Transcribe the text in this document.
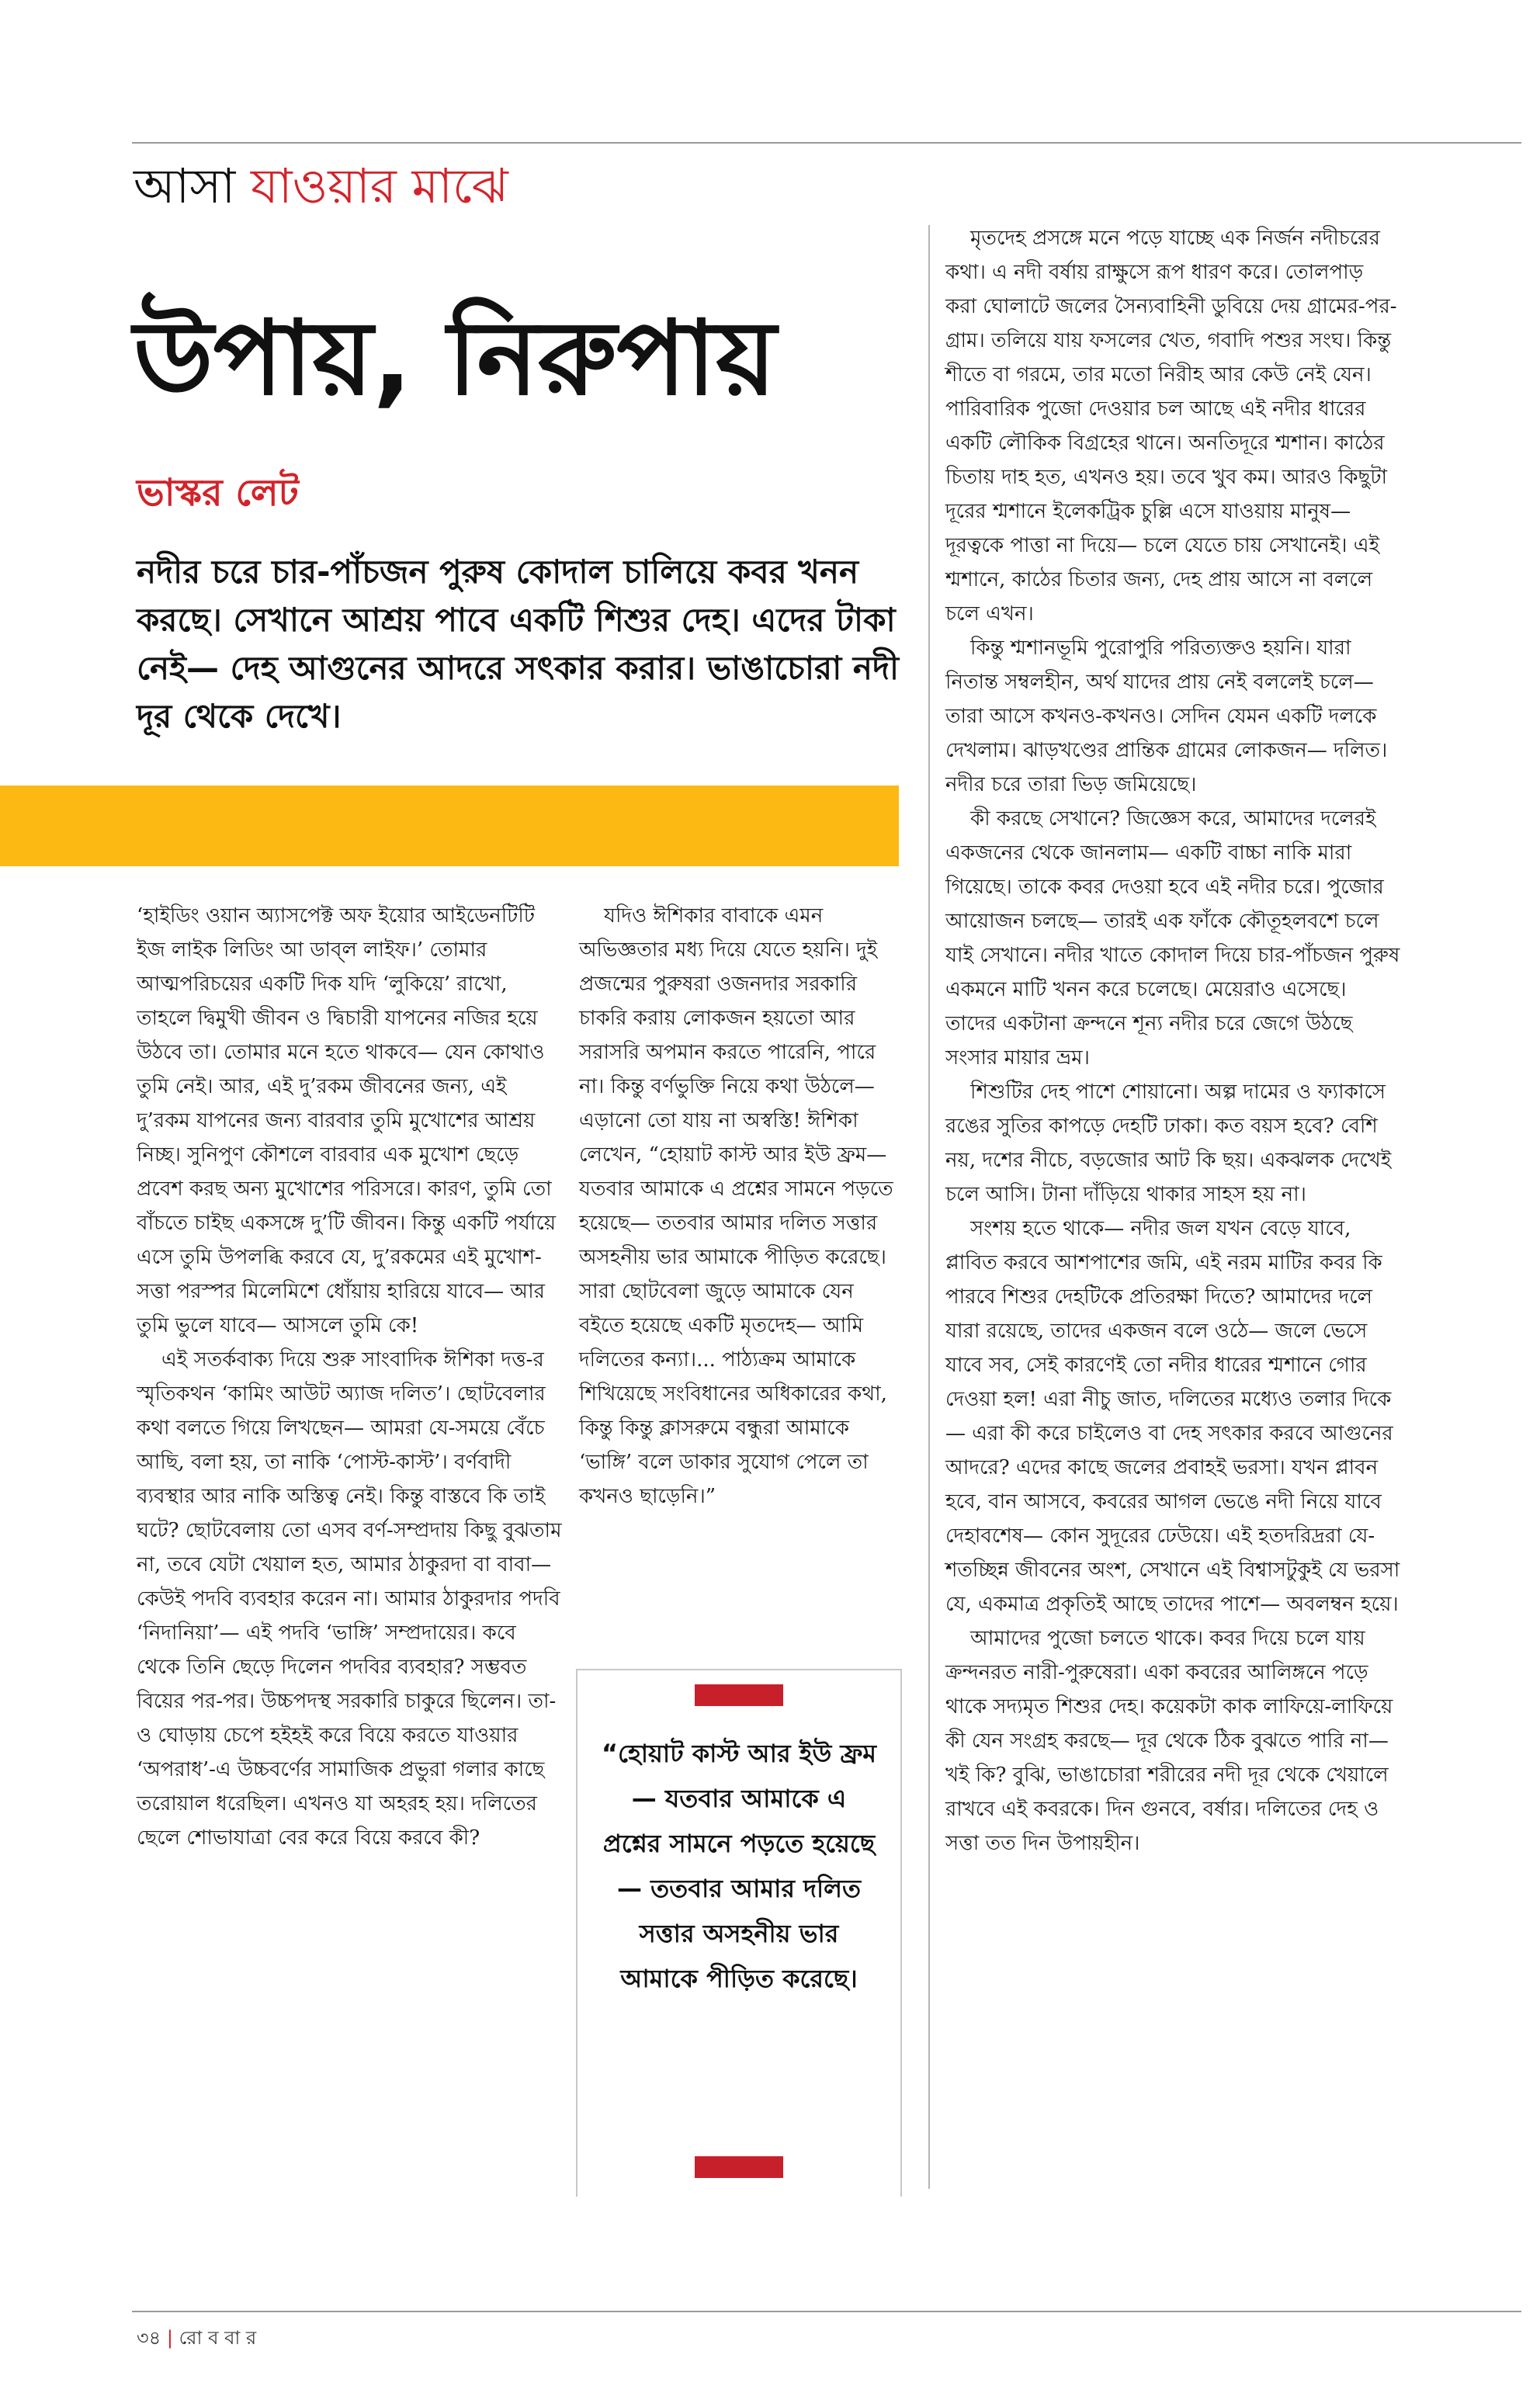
আসা যাওয়ার মাঝে
উপায়, নিরুপায়
ভাস্কর লেট
নদীর চরে চার-পাঁচজন পুরুষ কোদাল চালিয়ে কবর খনন করছে। সেখানে আশ্রয় পাবে একটি শিশুর দেহ। এদের টাকা নেই— দেহ আগুনের আদরে সৎকার করার। ভাঙাচোরা নদী দূর থেকে দেখে।

‘হাইডিং ওয়ান অ্যাসপেক্ট অফ ইয়োর আইডেনটিটি ইজ লাইক লিডিং আ ডাব্‌ল লাইফ।’ তোমার আত্মপরিচয়ের একটি দিক যদি ‘লুকিয়ে’ রাখো, তাহলে দ্বিমুখী জীবন ও দ্বিচারী যাপনের নজির হয়ে উঠবে তা। তোমার মনে হতে থাকবে— যেন কোথাও তুমি নেই। আর, এই দু’রকম জীবনের জন্য, এই দু’রকম যাপনের জন্য বারবার তুমি মুখোশের আশ্রয় নিচ্ছ। সুনিপুণ কৌশলে বারবার এক মুখোশ ছেড়ে প্রবেশ করছ অন্য মুখোশের পরিসরে। কারণ, তুমি তো বাঁচতে চাইছ একসঙ্গে দু’টি জীবন। কিন্তু একটি পর্যায়ে এসে তুমি উপলব্ধি করবে যে, দু’রকমের এই মুখোশ-সত্তা পরস্পর মিলেমিশে ধোঁয়ায় হারিয়ে যাবে— আর তুমি ভুলে যাবে— আসলে তুমি কে!

এই সতর্কবাক্য দিয়ে শুরু সাংবাদিক ঈশিকা দত্ত-র স্মৃতিকথন ‘কামিং আউট অ্যাজ দলিত’। ছোটবেলার কথা বলতে গিয়ে লিখছেন— আমরা যে-সময়ে বেঁচে আছি, বলা হয়, তা নাকি ‘পোস্ট-কাস্ট’। বর্ণবাদী ব্যবস্থার আর নাকি অস্তিত্ব নেই। কিন্তু বাস্তবে কি তাই ঘটে? ছোটবেলায় তো এসব বর্ণ-সম্প্রদায় কিছু বুঝতাম না, তবে যেটা খেয়াল হত, আমার ঠাকুরদা বা বাবা— কেউই পদবি ব্যবহার করেন না। আমার ঠাকুরদার পদবি ‘নিদানিয়া’— এই পদবি ‘ভাঙ্গি’ সম্প্রদায়ের। কবে থেকে তিনি ছেড়ে দিলেন পদবির ব্যবহার? সম্ভবত বিয়ের পর-পর। উচ্চপদস্থ সরকারি চাকুরে ছিলেন। তা-ও ঘোড়ায় চেপে হইহই করে বিয়ে করতে যাওয়ার ‘অপরাধ’-এ উচ্চবর্ণের সামাজিক প্রভুরা গলার কাছে তরোয়াল ধরেছিল। এখনও যা অহরহ হয়। দলিতের ছেলে শোভাযাত্রা বের করে বিয়ে করবে কী?

যদিও ঈশিকার বাবাকে এমন অভিজ্ঞতার মধ্য দিয়ে যেতে হয়নি। দুই প্রজন্মের পুরুষরা ওজনদার সরকারি চাকরি করায় লোকজন হয়তো আর সরাসরি অপমান করতে পারেনি, পারে না। কিন্তু বর্ণভুক্তি নিয়ে কথা উঠলে— এড়ানো তো যায় না অস্বস্তি! ঈশিকা লেখেন, “হোয়াট কাস্ট আর ইউ ফ্রম— যতবার আমাকে এ প্রশ্নের সামনে পড়তে হয়েছে— ততবার আমার দলিত সত্তার অসহনীয় ভার আমাকে পীড়িত করেছে। সারা ছোটবেলা জুড়ে আমাকে যেন বইতে হয়েছে একটি মৃতদেহ— আমি দলিতের কন্যা।... পাঠ্যক্রম আমাকে শিখিয়েছে সংবিধানের অধিকারের কথা, কিন্তু কিন্তু ক্লাসরুমে বন্ধুরা আমাকে ‘ভাঙ্গি’ বলে ডাকার সুযোগ পেলে তা কখনও ছাড়েনি।”

“হোয়াট কাস্ট আর ইউ ফ্রম— যতবার আমাকে এ প্রশ্নের সামনে পড়তে হয়েছে— ততবার আমার দলিত সত্তার অসহনীয় ভার আমাকে পীড়িত করেছে।

মৃতদেহ প্রসঙ্গে মনে পড়ে যাচ্ছে এক নির্জন নদীচরের কথা। এ নদী বর্ষায় রাক্ষুসে রূপ ধারণ করে। তোলপাড় করা ঘোলাটে জলের সৈন্যবাহিনী ডুবিয়ে দেয় গ্রামের-পর-গ্রাম। তলিয়ে যায় ফসলের খেত, গবাদি পশুর সংঘ। কিন্তু শীতে বা গরমে, তার মতো নিরীহ আর কেউ নেই যেন। পারিবারিক পুজো দেওয়ার চল আছে এই নদীর ধারের একটি লৌকিক বিগ্রহের থানে। অনতিদূরে শ্মশান। কাঠের চিতায় দাহ হত, এখনও হয়। তবে খুব কম। আরও কিছুটা দূরের শ্মশানে ইলেকট্রিক চুল্লি এসে যাওয়ায় মানুষ— দূরত্বকে পাত্তা না দিয়ে— চলে যেতে চায় সেখানেই। এই শ্মশানে, কাঠের চিতার জন্য, দেহ প্রায় আসে না বললে চলে এখন।

কিন্তু শ্মশানভূমি পুরোপুরি পরিত্যক্তও হয়নি। যারা নিতান্ত সম্বলহীন, অর্থ যাদের প্রায় নেই বললেই চলে— তারা আসে কখনও-কখনও। সেদিন যেমন একটি দলকে দেখলাম। ঝাড়খণ্ডের প্রান্তিক গ্রামের লোকজন— দলিত। নদীর চরে তারা ভিড় জমিয়েছে।

কী করছে সেখানে? জিজ্ঞেস করে, আমাদের দলেরই একজনের থেকে জানলাম— একটি বাচ্চা নাকি মারা গিয়েছে। তাকে কবর দেওয়া হবে এই নদীর চরে। পুজোর আয়োজন চলছে— তারই এক ফাঁকে কৌতূহলবশে চলে যাই সেখানে। নদীর খাতে কোদাল দিয়ে চার-পাঁচজন পুরুষ একমনে মাটি খনন করে চলেছে। মেয়েরাও এসেছে। তাদের একটানা ক্রন্দনে শূন্য নদীর চরে জেগে উঠছে সংসার মায়ার ভ্রম।

শিশুটির দেহ পাশে শোয়ানো। অল্প দামের ও ফ্যাকাসে রঙের সুতির কাপড়ে দেহটি ঢাকা। কত বয়স হবে? বেশি নয়, দশের নীচে, বড়জোর আট কি ছয়। একঝলক দেখেই চলে আসি। টানা দাঁড়িয়ে থাকার সাহস হয় না।

সংশয় হতে থাকে— নদীর জল যখন বেড়ে যাবে, প্লাবিত করবে আশপাশের জমি, এই নরম মাটির কবর কি পারবে শিশুর দেহটিকে প্রতিরক্ষা দিতে? আমাদের দলে যারা রয়েছে, তাদের একজন বলে ওঠে— জলে ভেসে যাবে সব, সেই কারণেই তো নদীর ধারের শ্মশানে গোর দেওয়া হল! এরা নীচু জাত, দলিতের মধ্যেও তলার দিকে— এরা কী করে চাইলেও বা দেহ সৎকার করবে আগুনের আদরে? এদের কাছে জলের প্রবাহই ভরসা। যখন প্লাবন হবে, বান আসবে, কবরের আগল ভেঙে নদী নিয়ে যাবে দেহাবশেষ— কোন সুদূরের ঢেউয়ে। এই হতদরিদ্ররা যে-শতচ্ছিন্ন জীবনের অংশ, সেখানে এই বিশ্বাসটুকুই যে ভরসা যে, একমাত্র প্রকৃতিই আছে তাদের পাশে— অবলম্বন হয়ে।

আমাদের পুজো চলতে থাকে। কবর দিয়ে চলে যায় ক্রন্দনরত নারী-পুরুষেরা। একা কবরের আলিঙ্গনে পড়ে থাকে সদ্যমৃত শিশুর দেহ। কয়েকটা কাক লাফিয়ে-লাফিয়ে কী যেন সংগ্রহ করছে— দূর থেকে ঠিক বুঝতে পারি না— খই কি? বুঝি, ভাঙাচোরা শরীরের নদী দূর থেকে খেয়ালে রাখবে এই কবরকে। দিন গুনবে, বর্ষার। দলিতের দেহ ও সত্তা তত দিন উপায়হীন।

৩৪ | রো ব বা র
